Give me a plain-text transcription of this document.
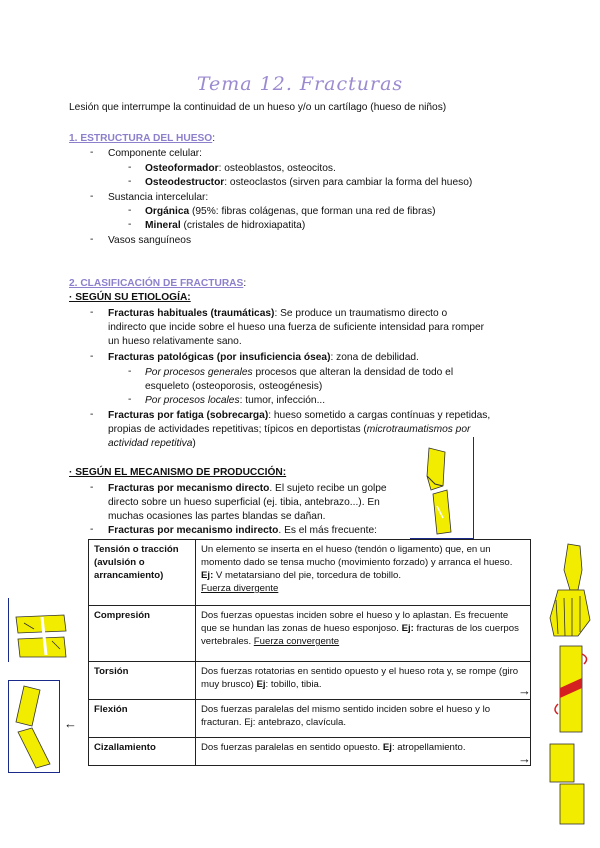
Tema 12. Fracturas
Lesión que interrumpe la continuidad de un hueso y/o un cartílago (hueso de niños)
1. ESTRUCTURA DEL HUESO:
- Componente celular:
- Osteoformador: osteoblastos, osteocitos.
- Osteodestructor: osteoclastos (sirven para cambiar la forma del hueso)
- Sustancia intercelular:
- Orgánica (95%: fibras colágenas, que forman una red de fibras)
- Mineral (cristales de hidroxiapatita)
- Vasos sanguíneos
2. CLASIFICACIÓN DE FRACTURAS:
· SEGÚN SU ETIOLOGÍA:
- Fracturas habituales (traumáticas): Se produce un traumatismo directo o
indirecto que incide sobre el hueso una fuerza de suficiente intensidad para romper
un hueso relativamente sano.
- Fracturas patológicas (por insuficiencia ósea): zona de debilidad.
- Por procesos generales procesos que alteran la densidad de todo el
esqueleto (osteoporosis, osteogénesis)
- Por procesos locales: tumor, infección...
- Fracturas por fatiga (sobrecarga): hueso sometido a cargas contínuas y repetidas,
propias de actividades repetitivas; típicos en deportistas (microtraumatismos por
actividad repetitiva)
· SEGÚN EL MECANISMO DE PRODUCCIÓN:
- Fracturas por mecanismo directo. El sujeto recibe un golpe
directo sobre un hueso superficial (ej. tibia, antebrazo...). En
muchas ocasiones las partes blandas se dañan.
- Fracturas por mecanismo indirecto. Es el más frecuente:
Tensión o tracción (avulsión o arrancamiento)	Un elemento se inserta en el hueso (tendón o ligamento) que, en un momento dado se tensa mucho (movimiento forzado) y arranca el hueso. Ej: V metatarsiano del pie, torcedura de tobillo.
Fuerza divergente
Compresión	Dos fuerzas opuestas inciden sobre el hueso y lo aplastan. Es frecuente que se hundan las zonas de hueso esponjoso. Ej: fracturas de los cuerpos vertebrales. Fuerza convergente
Torsión	Dos fuerzas rotatorias en sentido opuesto y el hueso rota y, se rompe (giro muy brusco) Ej: tobillo, tibia.
Flexión	Dos fuerzas paralelas del mismo sentido inciden sobre el hueso y lo fracturan. Ej: antebrazo, clavícula.
Cizallamiento	Dos fuerzas paralelas en sentido opuesto. Ej: atropellamiento.
→
→
←
